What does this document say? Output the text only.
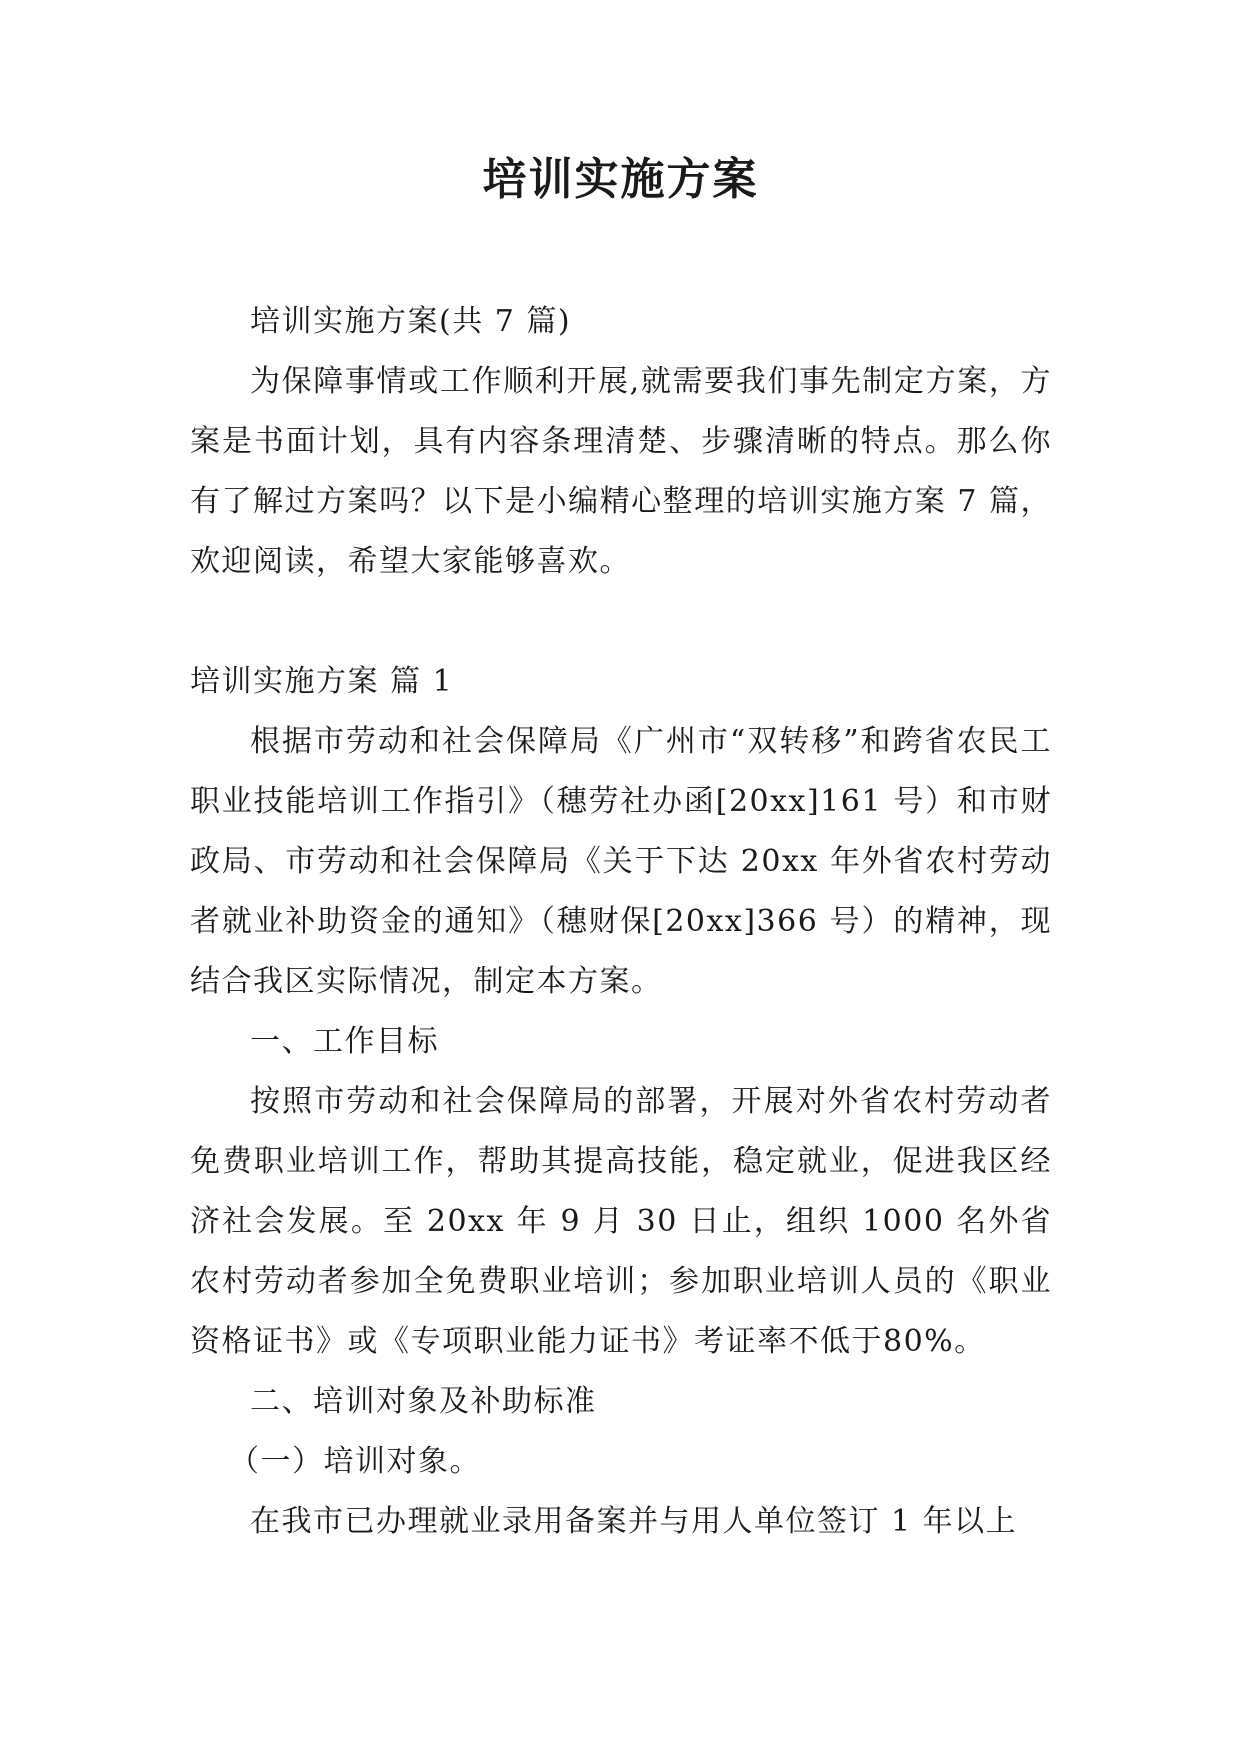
培训实施方案

培训实施方案(共 7 篇)

为保障事情或工作顺利开展,就需要我们事先制定方案，方案是书面计划，具有内容条理清楚、步骤清晰的特点。那么你有了解过方案吗？以下是小编精心整理的培训实施方案 7 篇，欢迎阅读，希望大家能够喜欢。

培训实施方案 篇 1

根据市劳动和社会保障局《广州市“双转移”和跨省农民工职业技能培训工作指引》（穗劳社办函[20xx]161 号）和市财政局、市劳动和社会保障局《关于下达 20xx 年外省农村劳动者就业补助资金的通知》（穗财保[20xx]366 号）的精神，现结合我区实际情况，制定本方案。

一、工作目标

按照市劳动和社会保障局的部署，开展对外省农村劳动者免费职业培训工作，帮助其提高技能，稳定就业，促进我区经济社会发展。至 20xx 年 9 月 30 日止，组织 1000 名外省农村劳动者参加全免费职业培训；参加职业培训人员的《职业资格证书》或《专项职业能力证书》考证率不低于80%。

二、培训对象及补助标准

（一）培训对象。

在我市已办理就业录用备案并与用人单位签订 1 年以上
